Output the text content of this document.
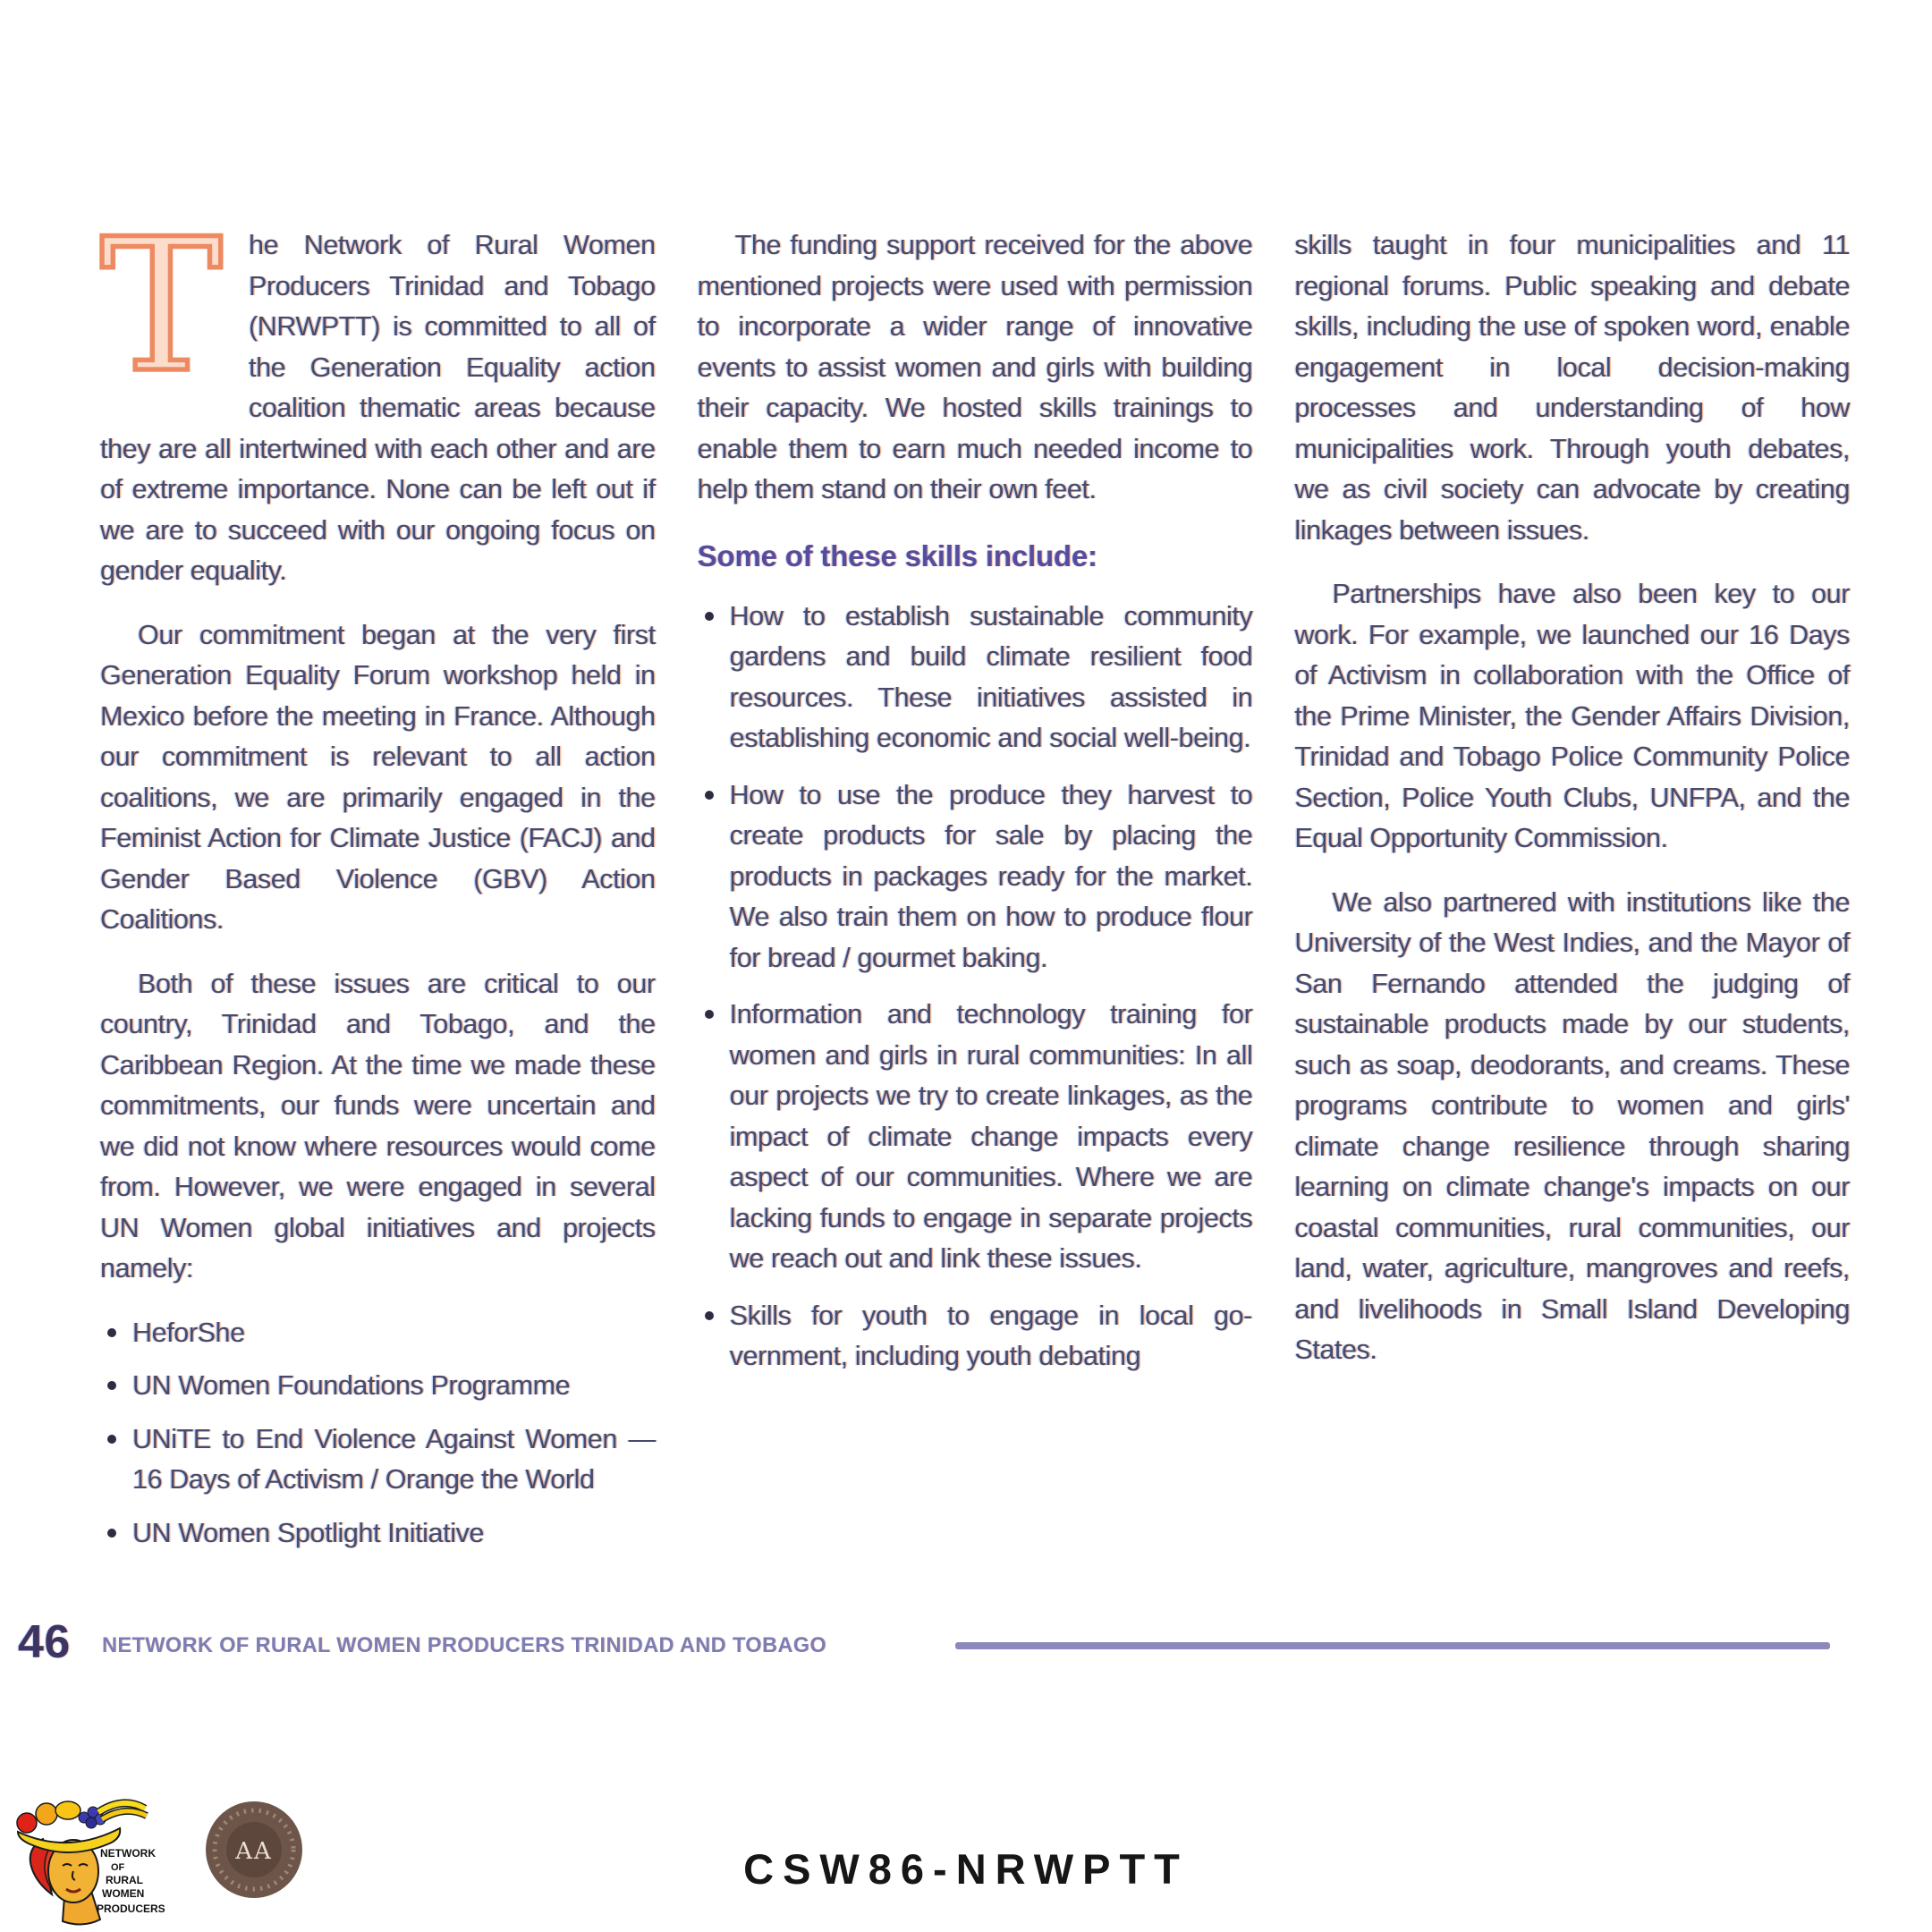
The Network of Rural Women Producers Trinidad and Tobago (NRWPTT) is committed to all of the Generation Equality action coalition thematic areas because they are all intertwined with each other and are of extreme importance. None can be left out if we are to succeed with our ongoing focus on gender equality.

Our commitment began at the very first Generation Equality Forum workshop held in Mexico before the meeting in France. Although our commitment is relevant to all action coalitions, we are primarily engaged in the Feminist Action for Climate Justice (FACJ) and Gender Based Violence (GBV) Action Coalitions.

Both of these issues are critical to our country, Trinidad and Tobago, and the Caribbean Region. At the time we made these commitments, our funds were uncertain and we did not know where resources would come from. However, we were engaged in several UN Women global initiatives and projects namely:

HeforShe
UN Women Foundations Programme
UNiTE to End Violence Against Women —16 Days of Activism / Orange the World
UN Women Spotlight Initiative

The funding support received for the above mentioned projects were used with permission to incorporate a wider range of innovative events to assist women and girls with building their capacity. We hosted skills trainings to enable them to earn much needed income to help them stand on their own feet.

Some of these skills include:
How to establish sustainable community gardens and build climate resilient food resources. These initiatives assisted in establishing economic and social well-being.
How to use the produce they harvest to create products for sale by placing the products in packages ready for the market. We also train them on how to produce flour for bread / gourmet baking.
Information and technology training for women and girls in rural communities: In all our projects we try to create linkages, as the impact of climate change impacts every aspect of our communities. Where we are lacking funds to engage in separate projects we reach out and link these issues.
Skills for youth to engage in local government, including youth debating

skills taught in four municipalities and 11 regional forums. Public speaking and debate skills, including the use of spoken word, enable engagement in local decision-making processes and understanding of how municipalities work. Through youth debates, we as civil society can advocate by creating linkages between issues.

Partnerships have also been key to our work. For example, we launched our 16 Days of Activism in collaboration with the Office of the Prime Minister, the Gender Affairs Division, Trinidad and Tobago Police Community Police Section, Police Youth Clubs, UNFPA, and the Equal Opportunity Commission.

We also partnered with institutions like the University of the West Indies, and the Mayor of San Fernando attended the judging of sustainable products made by our students, such as soap, deodorants, and creams. These programs contribute to women and girls' climate change resilience through sharing learning on climate change's impacts on our coastal communities, rural communities, our land, water, agriculture, mangroves and reefs, and livelihoods in Small Island Developing States.

46 NETWORK OF RURAL WOMEN PRODUCERS TRINIDAD AND TOBAGO
NETWORK
OF
RURAL
WOMEN
PRODUCERS
AA	CSW86-NRWPTT
